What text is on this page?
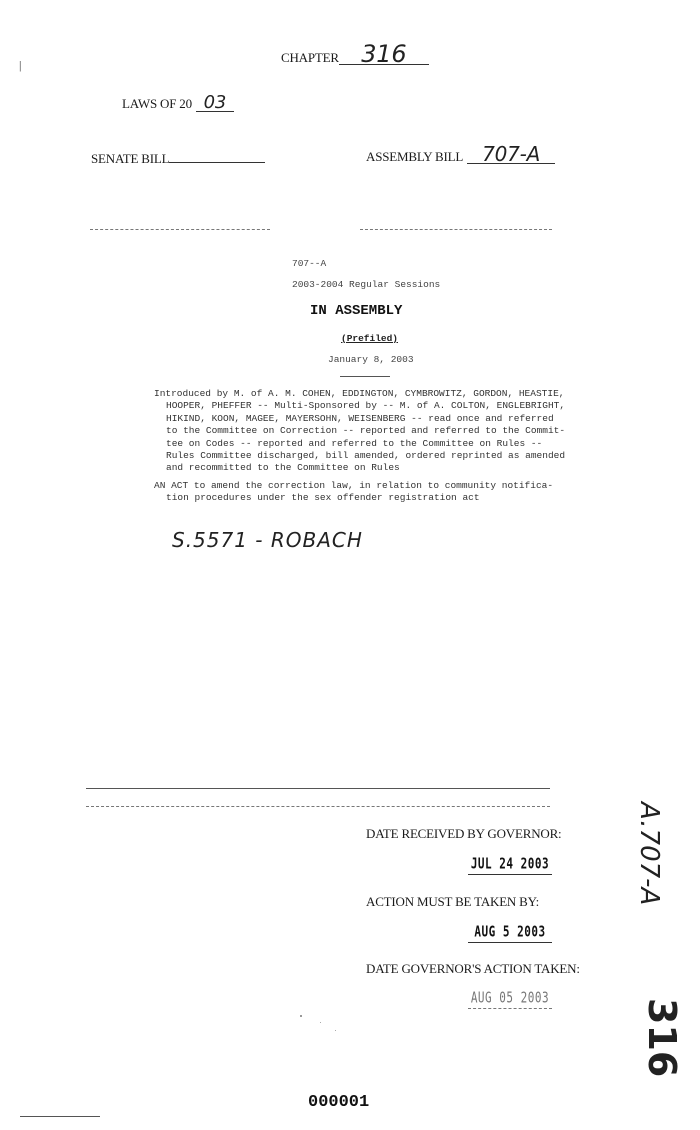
|	CHAPTER 316
LAWS OF 20 03
SENATE BILL	ASSEMBLY BILL 707-A
707--A
2003-2004 Regular Sessions
IN ASSEMBLY
(Prefiled)
January 8, 2003
Introduced by M. of A. M. COHEN, EDDINGTON, CYMBROWITZ, GORDON, HEASTIE,
HOOPER, PHEFFER -- Multi-Sponsored by -- M. of A. COLTON, ENGLEBRIGHT,
HIKIND, KOON, MAGEE, MAYERSOHN, WEISENBERG -- read once and referred
to the Committee on Correction -- reported and referred to the Commit-
tee on Codes -- reported and referred to the Committee on Rules --
Rules Committee discharged, bill amended, ordered reprinted as amended
and recommitted to the Committee on Rules
AN ACT to amend the correction law, in relation to community notifica-
tion procedures under the sex offender registration act
S.5571 - ROBACH
DATE RECEIVED BY GOVERNOR:
JUL 24 2003
ACTION MUST BE TAKEN BY:
AUG 5 2003
DATE GOVERNOR'S ACTION TAKEN:
AUG 05 2003
A.707-A
316
000001
